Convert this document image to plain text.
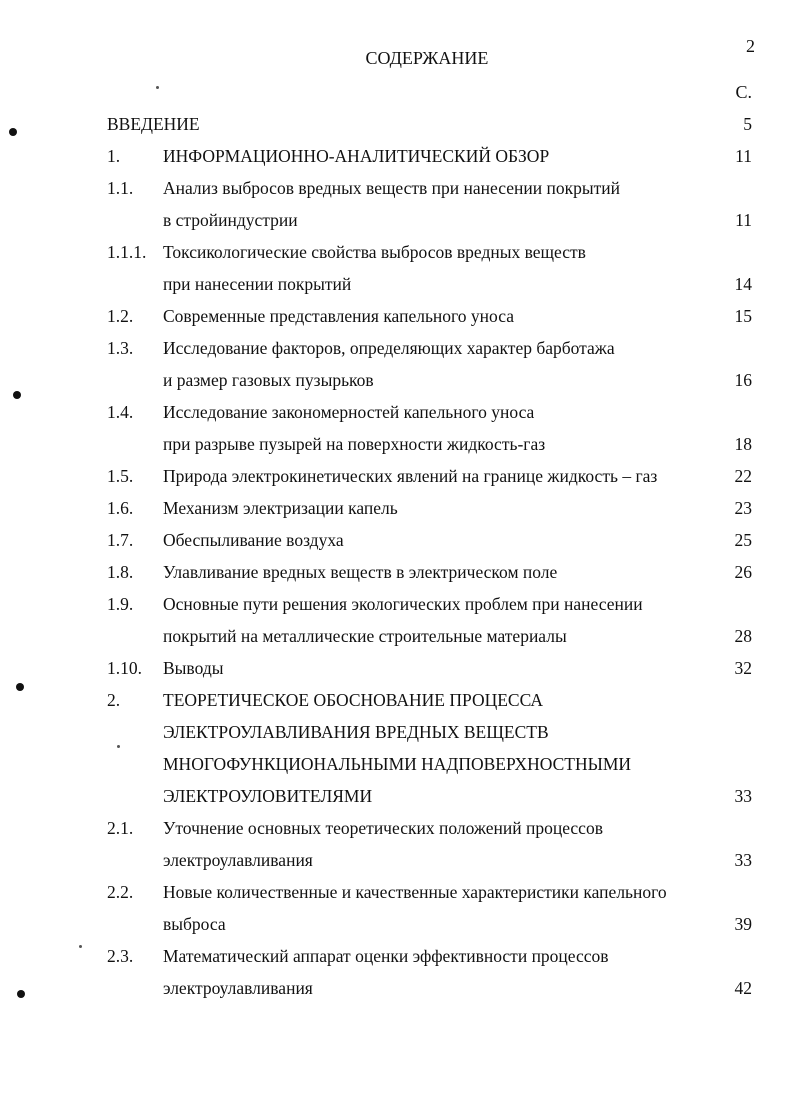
2
СОДЕРЖАНИЕ
С.
ВВЕДЕНИЕ	5
1. ИНФОРМАЦИОННО-АНАЛИТИЧЕСКИЙ ОБЗОР	11
1.1. Анализ выбросов вредных веществ при нанесении покрытий
в стройиндустрии	11
1.1.1. Токсикологические свойства выбросов вредных веществ
при нанесении покрытий	14
1.2. Современные представления капельного уноса	15
1.3. Исследование факторов, определяющих характер барботажа
и размер газовых пузырьков	16
1.4. Исследование закономерностей капельного уноса
при разрыве пузырей на поверхности жидкость-газ	18
1.5. Природа электрокинетических явлений на границе жидкость – газ	22
1.6. Механизм электризации капель	23
1.7. Обеспыливание воздуха	25
1.8. Улавливание вредных веществ в электрическом поле	26
1.9. Основные пути решения экологических проблем при нанесении
покрытий на металлические строительные материалы	28
1.10. Выводы	32
2. ТЕОРЕТИЧЕСКОЕ ОБОСНОВАНИЕ ПРОЦЕССА
ЭЛЕКТРОУЛАВЛИВАНИЯ ВРЕДНЫХ ВЕЩЕСТВ
МНОГОФУНКЦИОНАЛЬНЫМИ НАДПОВЕРХНОСТНЫМИ
ЭЛЕКТРОУЛОВИТЕЛЯМИ	33
2.1. Уточнение основных теоретических положений процессов
электроулавливания	33
2.2. Новые количественные и качественные характеристики капельного
выброса	39
2.3. Математический аппарат оценки эффективности процессов
электроулавливания	42
